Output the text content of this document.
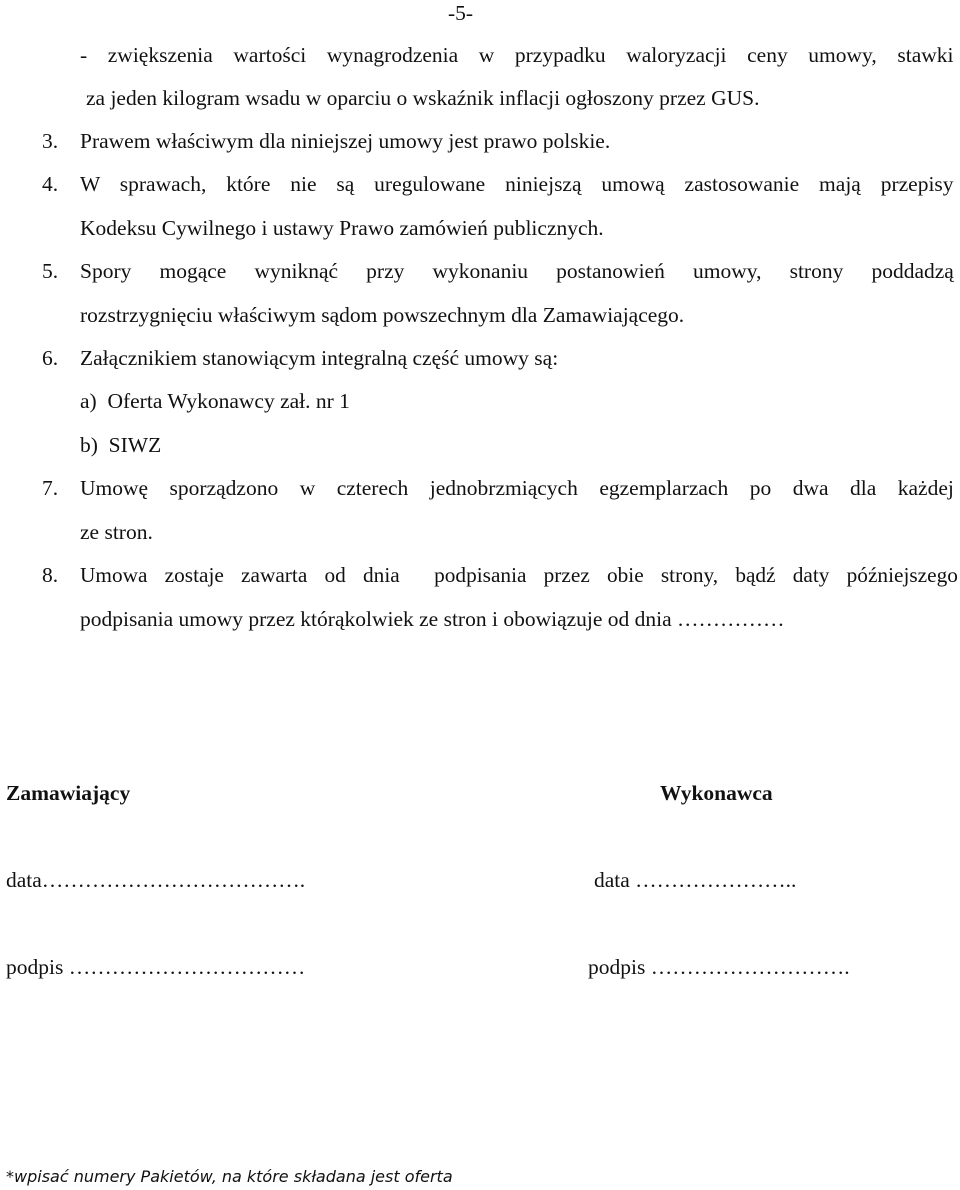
-5-
- zwiększenia wartości wynagrodzenia w przypadku waloryzacji ceny umowy, stawki
za jeden kilogram wsadu w oparciu o wskaźnik inflacji ogłoszony przez GUS.
3. Prawem właściwym dla niniejszej umowy jest prawo polskie.
4. W sprawach, które nie są uregulowane niniejszą umową zastosowanie mają przepisy
Kodeksu Cywilnego i ustawy Prawo zamówień publicznych.
5. Spory mogące wyniknąć przy wykonaniu postanowień umowy, strony poddadzą
rozstrzygnięciu właściwym sądom powszechnym dla Zamawiającego.
6. Załącznikiem stanowiącym integralną część umowy są:
a)  Oferta Wykonawcy zał. nr 1
b)  SIWZ
7. Umowę sporządzono w czterech jednobrzmiących egzemplarzach po dwa dla każdej
ze stron.
8. Umowa zostaje zawarta od dnia  podpisania przez obie strony, bądź daty późniejszego
podpisania umowy przez którąkolwiek ze stron i obowiązuje od dnia ……………
Zamawiający	Wykonawca
data……………………………….	data …………………..
podpis ……………………………	podpis ……………………….
*wpisać numery Pakietów, na które składana jest oferta
